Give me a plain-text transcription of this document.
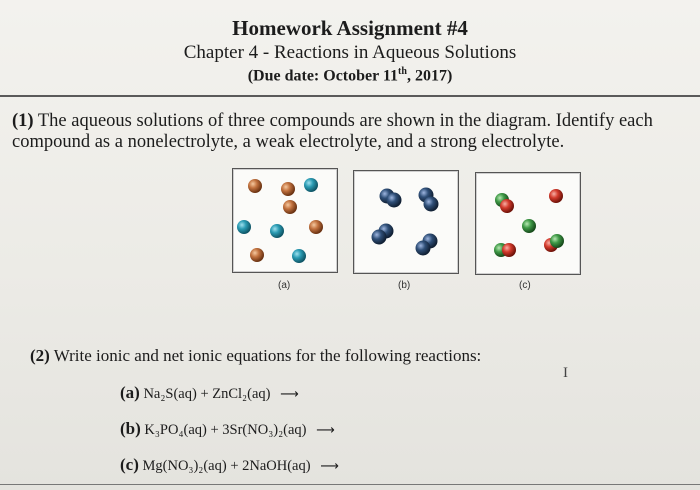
Homework Assignment #4
Chapter 4 - Reactions in Aqueous Solutions
(Due date: October 11th, 2017)
(1) The aqueous solutions of three compounds are shown in the diagram. Identify each compound as a nonelectrolyte, a weak electrolyte, and a strong electrolyte.
(a)	(b)	(c)
(2) Write ionic and net ionic equations for the following reactions:
I
(a) Na₂S(aq) + ZnCl₂(aq) ⟶
(b) K₃PO₄(aq) + 3Sr(NO₃)₂(aq) ⟶
(c) Mg(NO₃)₂(aq) + 2NaOH(aq) ⟶
